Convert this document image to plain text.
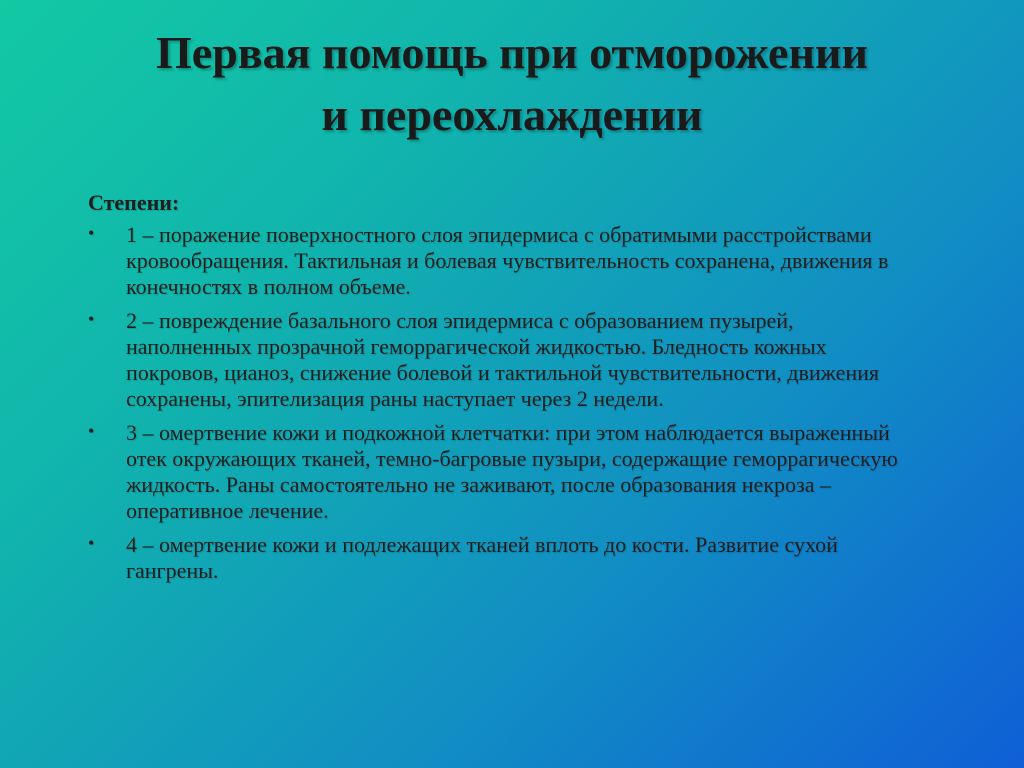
Первая помощь при отморожении
и переохлаждении
Степени:
• 1 – поражение поверхностного слоя эпидермиса с обратимыми расстройствами кровообращения. Тактильная и болевая чувствительность сохранена, движения в конечностях в полном объеме.
• 2 – повреждение базального слоя эпидермиса с образованием пузырей, наполненных прозрачной геморрагической жидкостью. Бледность кожных покровов, цианоз, снижение болевой и тактильной чувствительности, движения сохранены, эпителизация раны наступает через 2 недели.
• 3 – омертвение кожи и подкожной клетчатки: при этом наблюдается выраженный отек окружающих тканей, темно-багровые пузыри, содержащие геморрагическую жидкость. Раны самостоятельно не заживают, после образования некроза – оперативное лечение.
• 4 – омертвение кожи и подлежащих тканей вплоть до кости. Развитие сухой гангрены.
